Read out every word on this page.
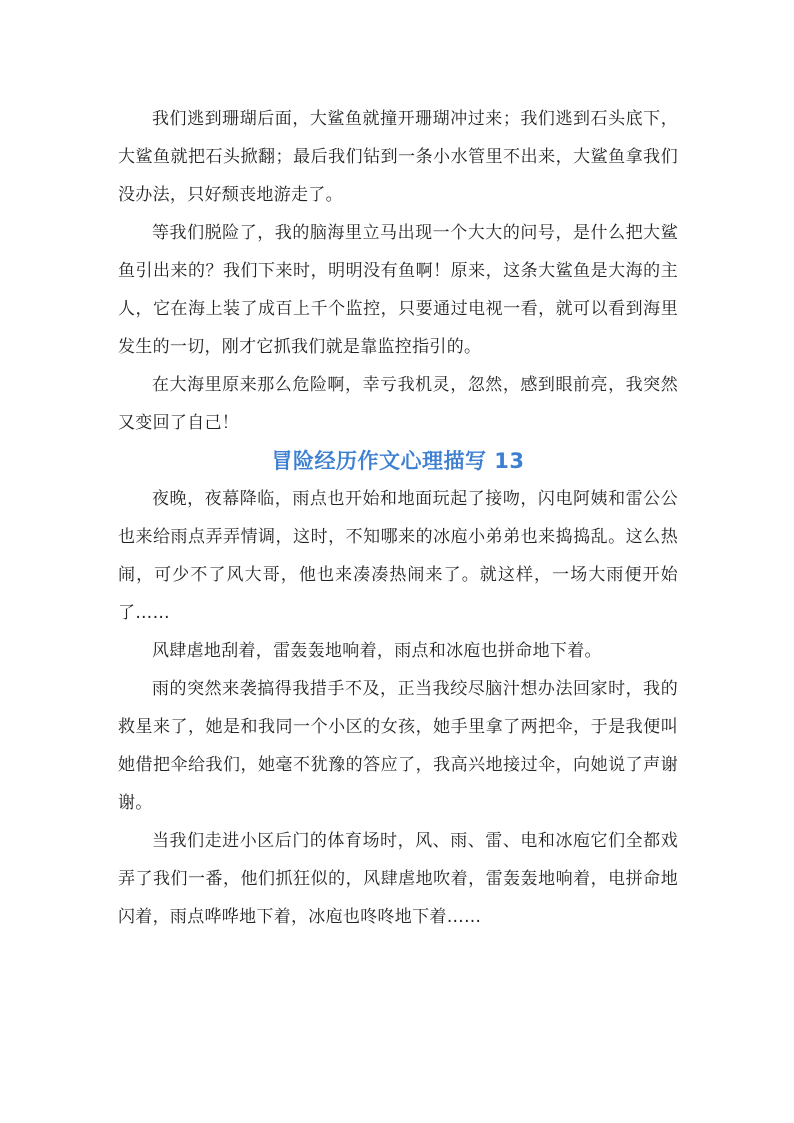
我们逃到珊瑚后面，大鲨鱼就撞开珊瑚冲过来；我们逃到石头底下，大鲨鱼就把石头掀翻；最后我们钻到一条小水管里不出来，大鲨鱼拿我们没办法，只好颓丧地游走了。

等我们脱险了，我的脑海里立马出现一个大大的问号，是什么把大鲨鱼引出来的？我们下来时，明明没有鱼啊！原来，这条大鲨鱼是大海的主人，它在海上装了成百上千个监控，只要通过电视一看，就可以看到海里发生的一切，刚才它抓我们就是靠监控指引的。

在大海里原来那么危险啊，幸亏我机灵，忽然，感到眼前亮，我突然又变回了自己！

冒险经历作文心理描写 13

夜晚，夜幕降临，雨点也开始和地面玩起了接吻，闪电阿姨和雷公公也来给雨点弄弄情调，这时，不知哪来的冰庖小弟弟也来捣捣乱。这么热闹，可少不了风大哥，他也来凑凑热闹来了。就这样，一场大雨便开始了……

风肆虐地刮着，雷轰轰地响着，雨点和冰庖也拼命地下着。

雨的突然来袭搞得我措手不及，正当我绞尽脑汁想办法回家时，我的救星来了，她是和我同一个小区的女孩，她手里拿了两把伞，于是我便叫她借把伞给我们，她毫不犹豫的答应了，我高兴地接过伞，向她说了声谢谢。

当我们走进小区后门的体育场时，风、雨、雷、电和冰庖它们全都戏弄了我们一番，他们抓狂似的，风肆虐地吹着，雷轰轰地响着，电拼命地闪着，雨点哗哗地下着，冰庖也咚咚地下着……
